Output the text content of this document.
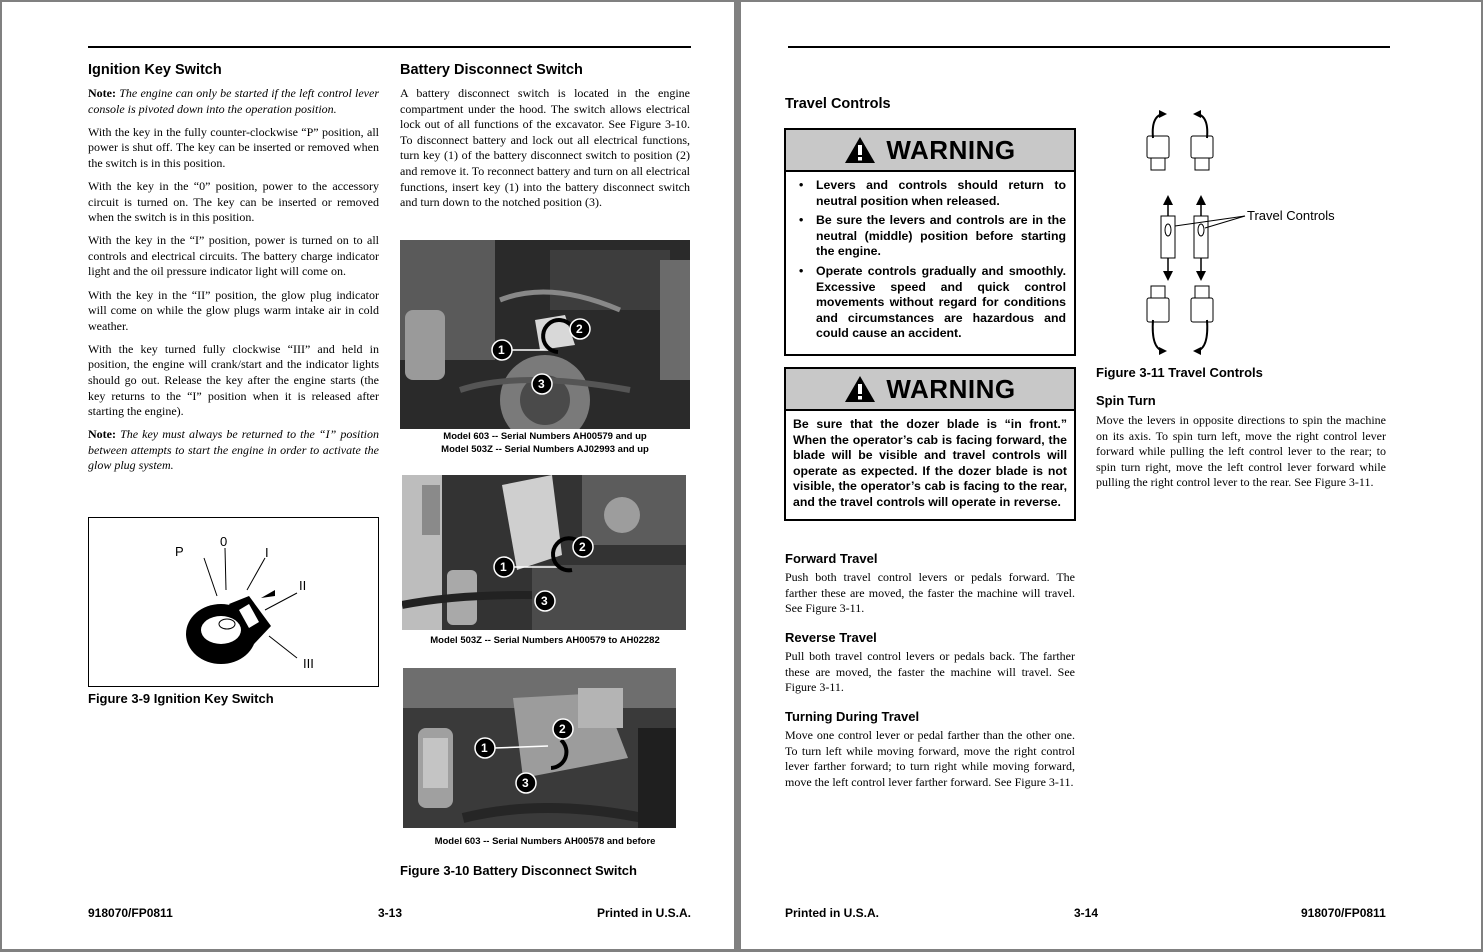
Ignition Key Switch

Note: The engine can only be started if the left control lever console is pivoted down into the operation position.

With the key in the fully counter-clockwise “P” position, all power is shut off. The key can be inserted or removed when the switch is in this position.

With the key in the “0” position, power to the accessory circuit is turned on. The key can be inserted or removed when the switch is in this position.

With the key in the “I” position, power is turned on to all controls and electrical circuits. The battery charge indicator light and the oil pressure indicator light will come on.

With the key in the “II” position, the glow plug indicator will come on while the glow plugs warm intake air in cold weather.

With the key turned fully clockwise “III” and held in position, the engine will crank/start and the indicator lights should go out. Release the key after the engine starts (the key returns to the “I” position when it is released after starting the engine).

Note: The key must always be returned to the “I” position between attempts to start the engine in order to activate the glow plug system.

P
0
I
II
III
Figure 3-9 Ignition Key Switch
Battery Disconnect Switch

A battery disconnect switch is located in the engine compartment under the hood. The switch allows electrical lock out of all functions of the excavator. See Figure 3-10. To disconnect battery and lock out all electrical functions, turn key (1) of the battery disconnect switch to position (2) and remove it. To reconnect battery and turn on all electrical functions, insert key (1) into the battery disconnect switch and turn down to the notched position (3).

1
2
3
Model 603 -- Serial Numbers AH00579 and up
Model 503Z -- Serial Numbers AJ02993 and up
1
2
3
Model 503Z -- Serial Numbers AH00579 to AH02282
1
2
3
Model 603 -- Serial Numbers AH00578 and before
Figure 3-10 Battery Disconnect Switch
918070/FP0811	3-13	Printed in U.S.A.
Travel Controls
WARNING
• Levers and controls should return to neutral position when released.
• Be sure the levers and controls are in the neutral (middle) position before starting the engine.
• Operate controls gradually and smoothly. Excessive speed and quick control movements without regard for conditions and circumstances are hazardous and could cause an accident.
WARNING
Be sure that the dozer blade is “in front.” When the operator’s cab is facing forward, the blade will be visible and travel controls will operate as expected. If the dozer blade is not visible, the operator’s cab is facing to the rear, and the travel controls will operate in reverse.
Forward Travel

Push both travel control levers or pedals forward. The farther these are moved, the faster the machine will travel. See Figure 3-11.

Reverse Travel

Pull both travel control levers or pedals back. The farther these are moved, the faster the machine will travel. See Figure 3-11.

Turning During Travel

Move one control lever or pedal farther than the other one. To turn left while moving forward, move the right control lever farther forward; to turn right while moving forward, move the left control lever farther forward. See Figure 3-11.

Travel Controls
Figure 3-11 Travel Controls
Spin Turn

Move the levers in opposite directions to spin the machine on its axis. To spin turn left, move the right control lever forward while pulling the left control lever to the rear; to spin turn right, move the left control lever forward while pulling the right control lever to the rear. See Figure 3-11.

Printed in U.S.A.	3-14	918070/FP0811
